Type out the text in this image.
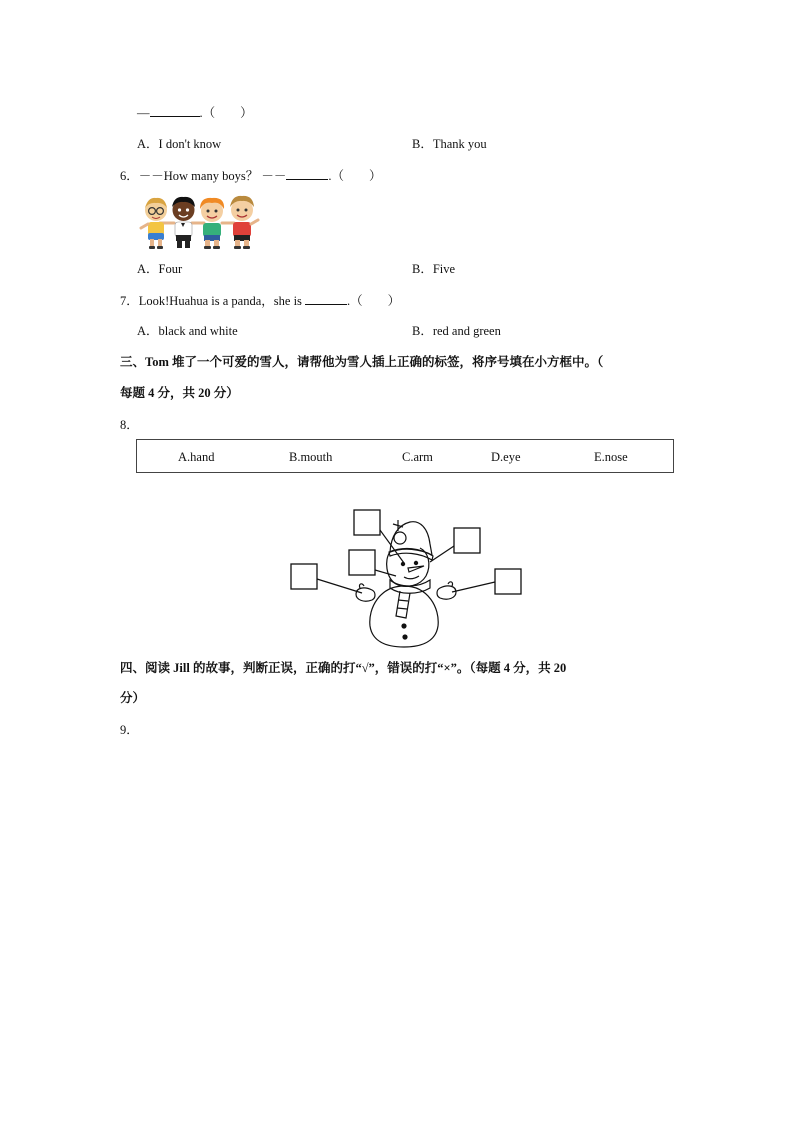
—	.（　　）
A．I don't know	B．Thank you
6．－－How many boys？ －－	.（　　）
A．Four	B．Five
7．Look!Huahua is a panda，she is	.（　　）
A．black and white	B．red and green
三、Tom 堆了一个可爱的雪人，请帮他为雪人插上正确的标签，将序号填在小方框中。（
每题 4 分，共 20 分）
8．
A.hand	B.mouth	C.arm	D.eye	E.nose
四、阅读 Jill 的故事，判断正误，正确的打“√”，错误的打“×”。（每题 4 分，共 20
分）
9．
